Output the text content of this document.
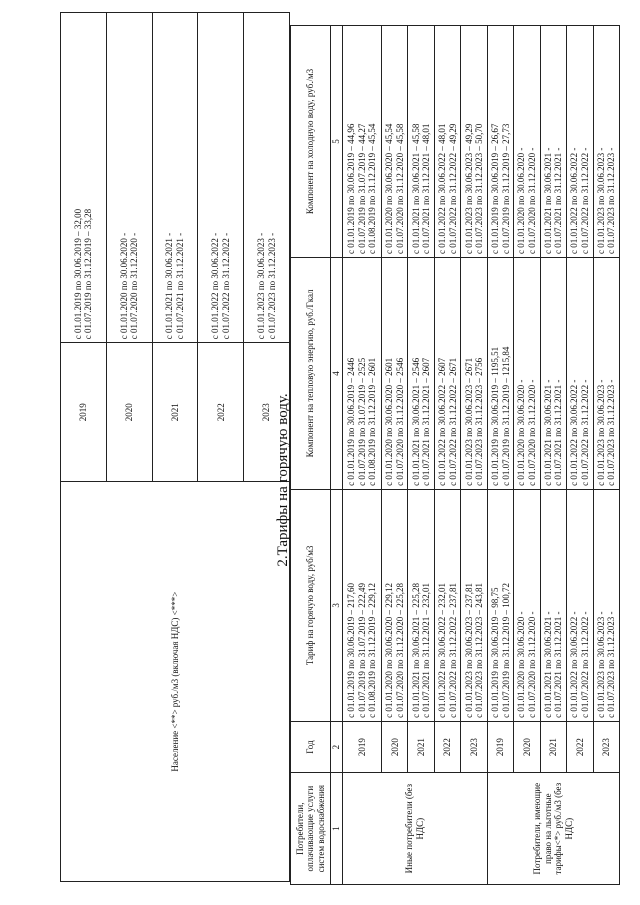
Население <**> руб./м3 (включая НДС) <***>	2019	с 01.01.2019 по 30.06.2019 – 32,00 с 01.07.2019 по 31.12.2019 – 33,28

	2020	с 01.01.2020 по 30.06.2020 - с 01.07.2020 по 31.12.2020 -

	2021	с 01.01.2021 по 30.06.2021 - с 01.07.2021 по 31.12.2021 -

	2022	с 01.01.2022 по 30.06.2022 - с 01.07.2022 по 31.12.2022 -

	2023	с 01.01.2023 по 30.06.2023 - с 01.07.2023 по 31.12.2023 -
2.Тарифы на горячую воду.
Потребители, оплачивающие услуги систем водоснабжения	Год	Тариф на горячую воду, руб/м3	Компонент на тепловую энергию, руб./Гкал	Компонент на холодную воду, руб./м3
1	2	3	4	5
Иные потребители (без НДС)	2019	с 01.01.2019 по 30.06.2019 – 217,60 с 01.07.2019 по 31.07.2019 – 222,49 с 01.08.2019 по 31.12.2019 – 229,12	с 01.01.2019 по 30.06.2019 – 2446 с 01.07.2019 по 31.07.2019 – 2525 с 01.08.2019 по 31.12.2019 – 2601	с 01.01.2019 по 30.06.2019 – 44,96 с 01.07.2019 по 31.07.2019 – 44,27 с 01.08.2019 по 31.12.2019 – 45,54

	2020	с 01.01.2020 по 30.06.2020 – 229,12 с 01.07.2020 по 31.12.2020 – 225,28	с 01.01.2020 по 30.06.2020 – 2601 с 01.07.2020 по 31.12.2020 – 2546	с 01.01.2020 по 30.06.2020 – 45,54 с 01.07.2020 по 31.12.2020 – 45,58

	2021	с 01.01.2021 по 30.06.2021 – 225,28 с 01.07.2021 по 31.12.2021 – 232,01	с 01.01.2021 по 30.06.2021 – 2546 с 01.07.2021 по 31.12.2021 – 2607	с 01.01.2021 по 30.06.2021 – 45,58 с 01.07.2021 по 31.12.2021 – 48,01

	2022	с 01.01.2022 по 30.06.2022 – 232,01 с 01.07.2022 по 31.12.2022 – 237,81	с 01.01.2022 по 30.06.2022 – 2607 с 01.07.2022 по 31.12.2022 – 2671	с 01.01.2022 по 30.06.2022 – 48,01 с 01.07.2022 по 31.12.2022 – 49,29

	2023	с 01.01.2023 по 30.06.2023 – 237,81 с 01.07.2023 по 31.12.2023 – 243,81	с 01.01.2023 по 30.06.2023 – 2671 с 01.07.2023 по 31.12.2023 – 2756	с 01.01.2023 по 30.06.2023 – 49,29 с 01.07.2023 по 31.12.2023 – 50,70

Потребители, имеющие право на льготные тарифы<*> руб./м3 (без НДС)	2019	с 01.01.2019 по 30.06.2019 – 98,75 с 01.07.2019 по 31.12.2019 – 100,72	с 01.01.2019 по 30.06.2019 – 1195,51 с 01.07.2019 по 31.12.2019 – 1215,84	с 01.01.2019 по 30.06.2019 – 26,67 с 01.07.2019 по 31.12.2019 – 27,73

	2020	с 01.01.2020 по 30.06.2020 - с 01.07.2020 по 31.12.2020 -	с 01.01.2020 по 30.06.2020 - с 01.07.2020 по 31.12.2020 -	с 01.01.2020 по 30.06.2020 - с 01.07.2020 по 31.12.2020 -

	2021	с 01.01.2021 по 30.06.2021 - с 01.07.2021 по 31.12.2021 -	с 01.01.2021 по 30.06.2021 - с 01.07.2021 по 31.12.2021 -	с 01.01.2021 по 30.06.2021 - с 01.07.2021 по 31.12.2021 -

	2022	с 01.01.2022 по 30.06.2022 - с 01.07.2022 по 31.12.2022 -	с 01.01.2022 по 30.06.2022 - с 01.07.2022 по 31.12.2022 -	с 01.01.2022 по 30.06.2022 - с 01.07.2022 по 31.12.2022 -

	2023	с 01.01.2023 по 30.06.2023 - с 01.07.2023 по 31.12.2023 -	с 01.01.2023 по 30.06.2023 - с 01.07.2023 по 31.12.2023 -	с 01.01.2023 по 30.06.2023 - с 01.07.2023 по 31.12.2023 -
